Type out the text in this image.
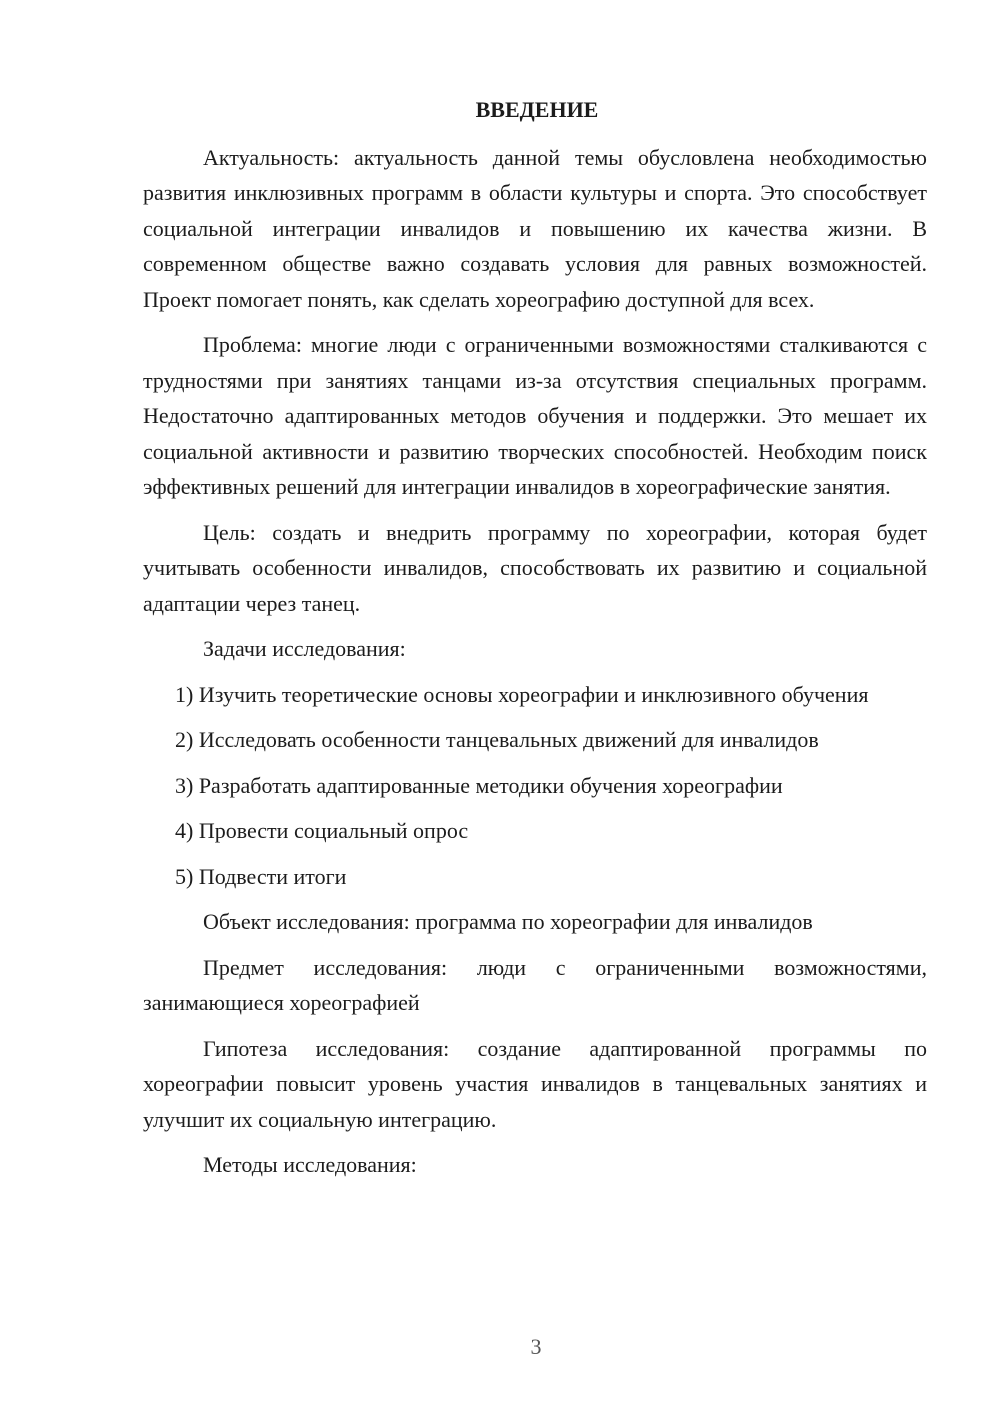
ВВЕДЕНИЕ

Актуальность: актуальность данной темы обусловлена необходимостью развития инклюзивных программ в области культуры и спорта. Это способствует социальной интеграции инвалидов и повышению их качества жизни. В современном обществе важно создавать условия для равных возможностей. Проект помогает понять, как сделать хореографию доступной для всех.

Проблема: многие люди с ограниченными возможностями сталкиваются с трудностями при занятиях танцами из-за отсутствия специальных программ. Недостаточно адаптированных методов обучения и поддержки. Это мешает их социальной активности и развитию творческих способностей. Необходим поиск эффективных решений для интеграции инвалидов в хореографические занятия.

Цель: создать и внедрить программу по хореографии, которая будет учитывать особенности инвалидов, способствовать их развитию и социальной адаптации через танец.

Задачи исследования:

1) Изучить теоретические основы хореографии и инклюзивного обучения

2) Исследовать особенности танцевальных движений для инвалидов

3) Разработать адаптированные методики обучения хореографии

4) Провести социальный опрос

5) Подвести итоги

Объект исследования: программа по хореографии для инвалидов

Предмет исследования: люди с ограниченными возможностями, занимающиеся хореографией

Гипотеза исследования: создание адаптированной программы по хореографии повысит уровень участия инвалидов в танцевальных занятиях и улучшит их социальную интеграцию.

Методы исследования:

3
